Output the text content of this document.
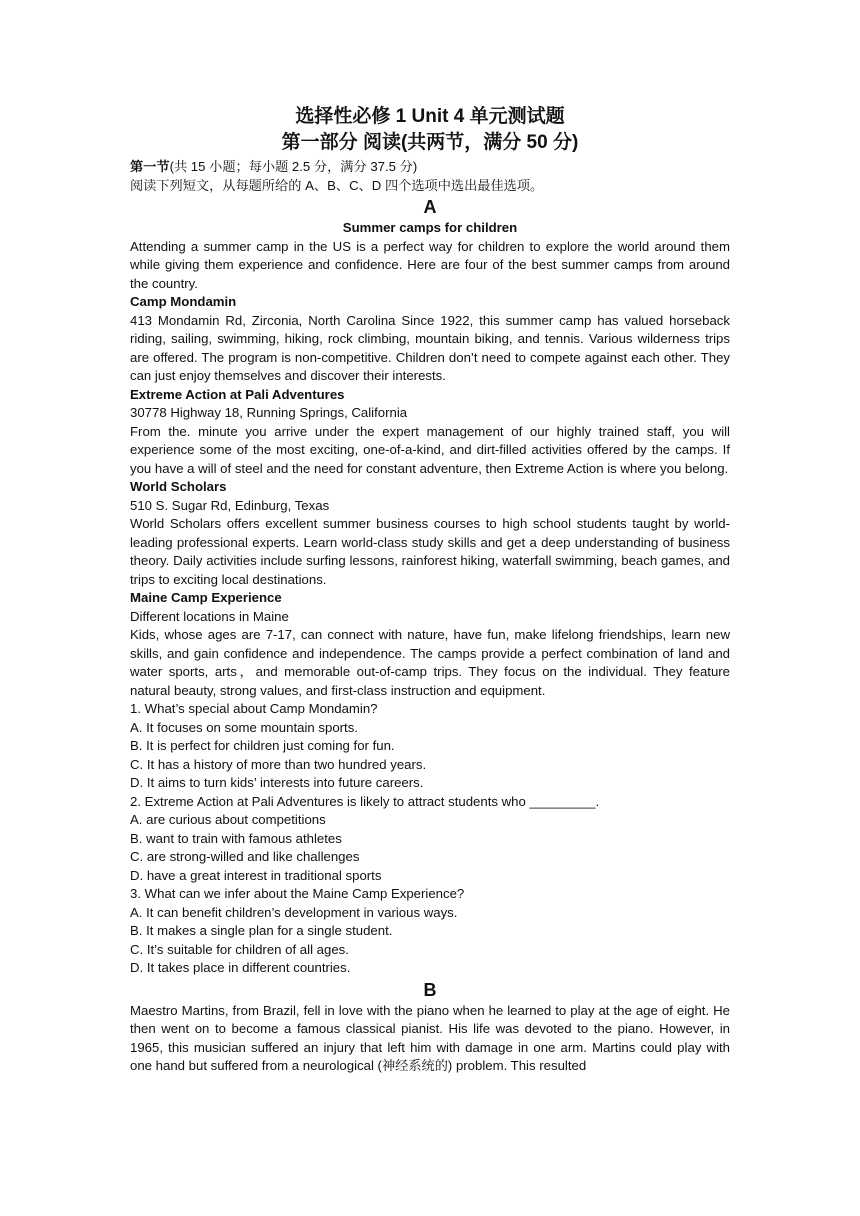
选择性必修 1 Unit 4 单元测试题
第一部分 阅读(共两节，满分 50 分)
第一节(共 15 小题；每小题 2.5 分，满分 37.5 分)
阅读下列短文，从每题所给的 A、B、C、D 四个选项中选出最佳选项。
A
Summer camps for children

Attending a summer camp in the US is a perfect way for children to explore the world around them while giving them experience and confidence. Here are four of the best summer camps from around the country.

Camp Mondamin

413 Mondamin Rd, Zirconia, North Carolina Since 1922, this summer camp has valued horseback riding, sailing, swimming, hiking, rock climbing, mountain biking, and tennis. Various wilderness trips are offered. The program is non-competitive. Children don’t need to compete against each other. They can just enjoy themselves and discover their interests.

Extreme Action at Pali Adventures
30778 Highway 18, Running Springs, California

From the. minute you arrive under the expert management of our highly trained staff, you will experience some of the most exciting, one-of-a-kind, and dirt-filled activities offered by the camps. If you have a will of steel and the need for constant adventure, then Extreme Action is where you belong.

World Scholars
510 S. Sugar Rd, Edinburg, Texas

World Scholars offers excellent summer business courses to high school students taught by world-leading professional experts. Learn world-class study skills and get a deep understanding of business theory. Daily activities include surfing lessons, rainforest hiking, waterfall swimming, beach games, and trips to exciting local destinations.

Maine Camp Experience
Different locations in Maine

Kids, whose ages are 7-17, can connect with nature, have fun, make lifelong friendships, learn new skills, and gain confidence and independence. The camps provide a perfect combination of land and water sports, arts，and memorable out-of-camp trips. They focus on the individual. They feature natural beauty, strong values, and first-class instruction and equipment.

1. What’s special about Camp Mondamin?
A. It focuses on some mountain sports.
B. It is perfect for children just coming for fun.
C. It has a history of more than two hundred years.
D. It aims to turn kids’ interests into future careers.
2. Extreme Action at Pali Adventures is likely to attract students who _________.
A. are curious about competitions
B. want to train with famous athletes
C. are strong-willed and like challenges
D. have a great interest in traditional sports
3. What can we infer about the Maine Camp Experience?
A. It can benefit children’s development in various ways.
B. It makes a single plan for a single student.
C. It’s suitable for children of all ages.
D. It takes place in different countries.
B

Maestro Martins, from Brazil, fell in love with the piano when he learned to play at the age of eight. He then went on to become a famous classical pianist. His life was devoted to the piano. However, in 1965, this musician suffered an injury that left him with damage in one arm. Martins could play with one hand but suffered from a neurological (神经系统的) problem. This resulted
